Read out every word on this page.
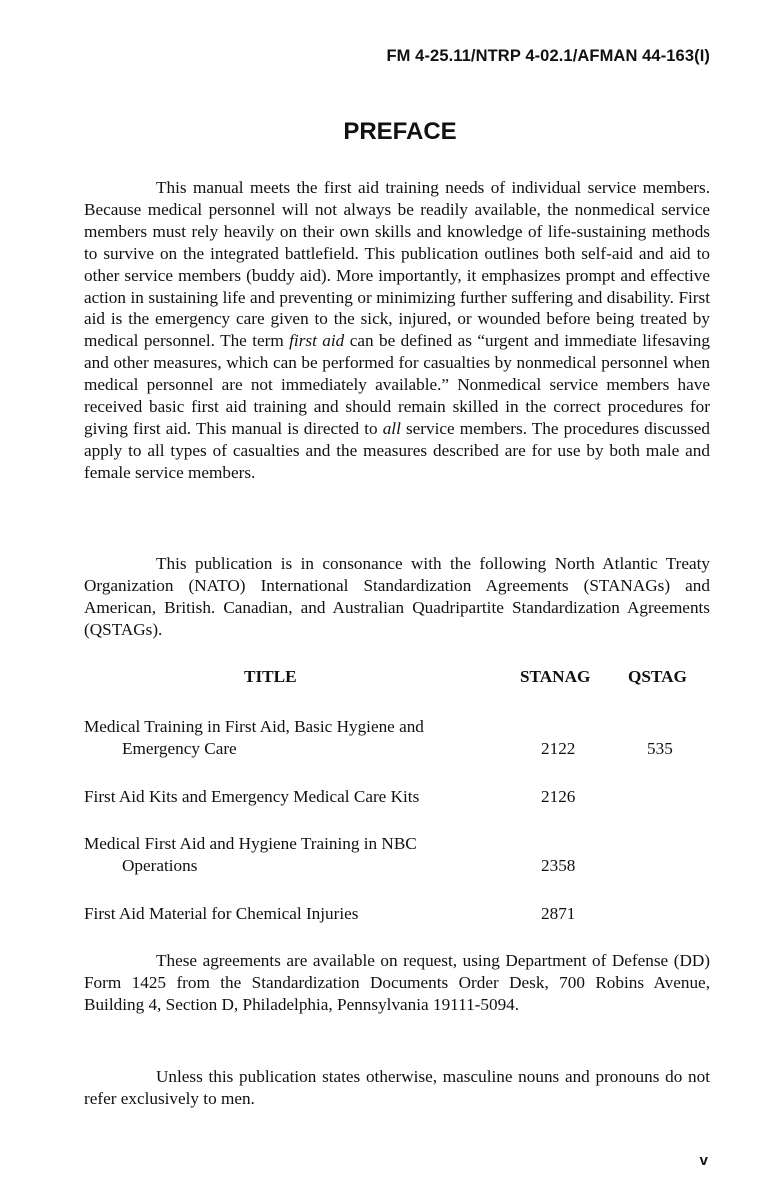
FM 4-25.11/NTRP 4-02.1/AFMAN 44-163(I)
PREFACE

This manual meets the first aid training needs of individual service members. Because medical personnel will not always be readily available, the nonmedical service members must rely heavily on their own skills and knowledge of life-sustaining methods to survive on the integrated battlefield. This publication outlines both self-aid and aid to other service members (buddy aid). More importantly, it emphasizes prompt and effective action in sustaining life and preventing or minimizing further suffering and disability. First aid is the emergency care given to the sick, injured, or wounded before being treated by medical personnel. The term first aid can be defined as “urgent and immediate lifesaving and other measures, which can be performed for casualties by nonmedical personnel when medical personnel are not immediately available.” Nonmedical service members have received basic first aid training and should remain skilled in the correct procedures for giving first aid. This manual is directed to all service members. The procedures discussed apply to all types of casualties and the measures described are for use by both male and female service members.

This publication is in consonance with the following North Atlantic Treaty Organization (NATO) International Standardization Agreements (STANAGs) and American, British. Canadian, and Australian Quadripartite Standardization Agreements (QSTAGs).

TITLE	STANAG QSTAG
Medical Training in First Aid, Basic Hygiene and
Emergency Care	2122	535
First Aid Kits and Emergency Medical Care Kits	2126
Medical First Aid and Hygiene Training in NBC
Operations	2358
First Aid Material for Chemical Injuries	2871

These agreements are available on request, using Department of Defense (DD) Form 1425 from the Standardization Documents Order Desk, 700 Robins Avenue, Building 4, Section D, Philadelphia, Pennsylvania 19111-5094.

Unless this publication states otherwise, masculine nouns and pronouns do not refer exclusively to men.

v
